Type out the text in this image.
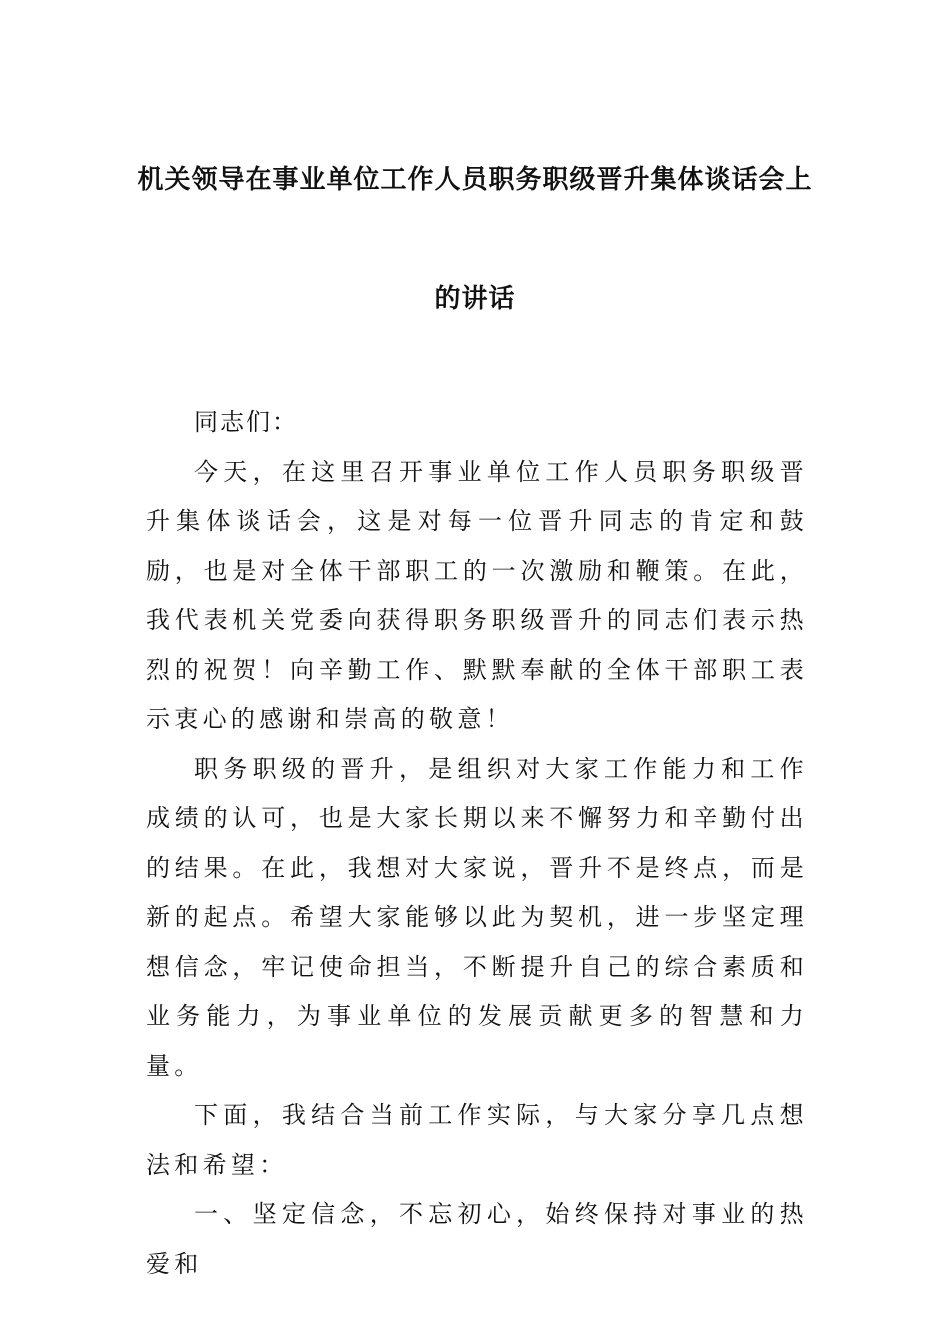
机关领导在事业单位工作人员职务职级晋升集体谈话会上
的讲话

同志们：

今天，在这里召开事业单位工作人员职务职级晋升集体谈话会，这是对每一位晋升同志的肯定和鼓励，也是对全体干部职工的一次激励和鞭策。在此，我代表机关党委向获得职务职级晋升的同志们表示热烈的祝贺！向辛勤工作、默默奉献的全体干部职工表示衷心的感谢和崇高的敬意！

职务职级的晋升，是组织对大家工作能力和工作成绩的认可，也是大家长期以来不懈努力和辛勤付出的结果。在此，我想对大家说，晋升不是终点，而是新的起点。希望大家能够以此为契机，进一步坚定理想信念，牢记使命担当，不断提升自己的综合素质和业务能力，为事业单位的发展贡献更多的智慧和力量。

下面，我结合当前工作实际，与大家分享几点想法和希望：

一、坚定信念，不忘初心，始终保持对事业的热爱和
